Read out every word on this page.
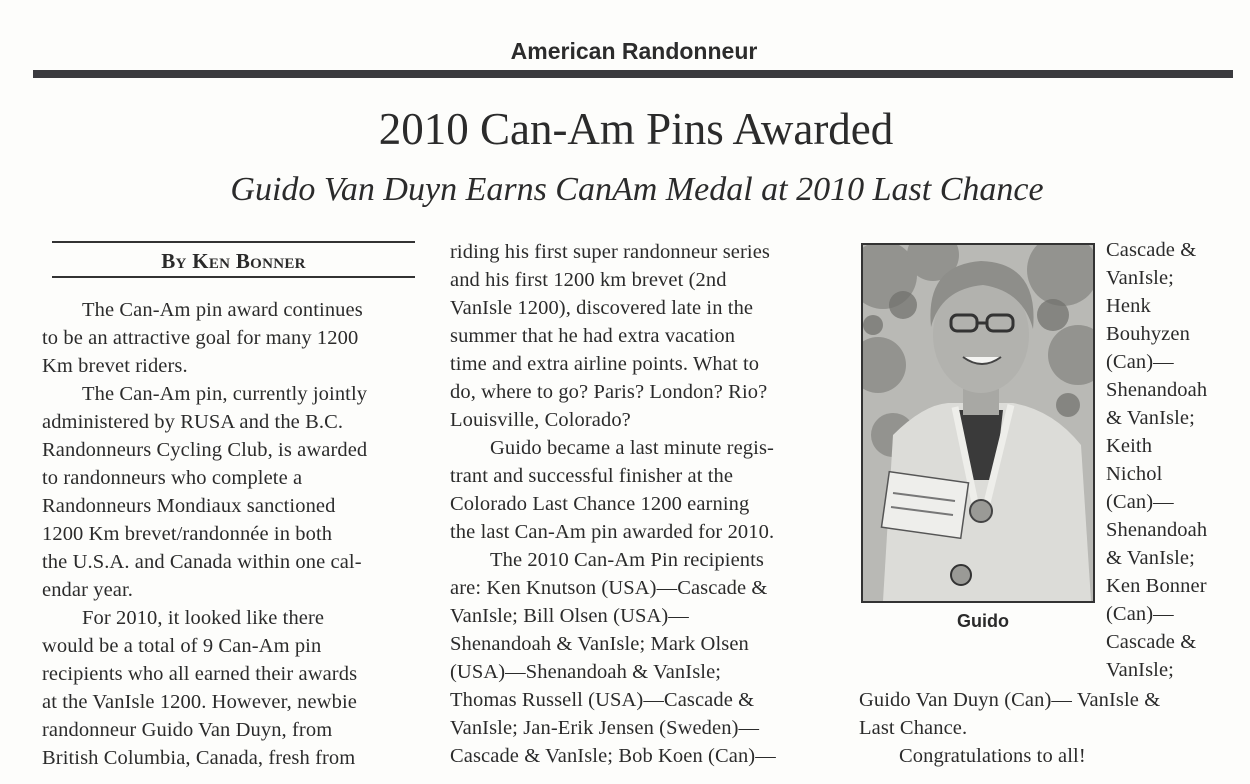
American Randonneur
2010 Can-Am Pins Awarded
Guido Van Duyn Earns CanAm Medal at 2010 Last Chance
By Ken Bonner

The Can-Am pin award continues

to be an attractive goal for many 1200

Km brevet riders.

The Can-Am pin, currently jointly

administered by RUSA and the B.C.

Randonneurs Cycling Club, is awarded

to randonneurs who complete a

Randonneurs Mondiaux sanctioned

1200 Km brevet/randonnée in both

the U.S.A. and Canada within one cal-

endar year.

For 2010, it looked like there

would be a total of 9 Can-Am pin

recipients who all earned their awards

at the VanIsle 1200. However, newbie

randonneur Guido Van Duyn, from

British Columbia, Canada, fresh from

riding his first super randonneur series

and his first 1200 km brevet (2nd

VanIsle 1200), discovered late in the

summer that he had extra vacation

time and extra airline points. What to

do, where to go? Paris? London? Rio?

Louisville, Colorado?

Guido became a last minute regis-

trant and successful finisher at the

Colorado Last Chance 1200 earning

the last Can-Am pin awarded for 2010.

The 2010 Can-Am Pin recipients

are: Ken Knutson (USA)—Cascade &

VanIsle; Bill Olsen (USA)—

Shenandoah & VanIsle; Mark Olsen

(USA)—Shenandoah & VanIsle;

Thomas Russell (USA)—Cascade &

VanIsle; Jan-Erik Jensen (Sweden)—

Cascade & VanIsle; Bob Koen (Can)—

Guido

Cascade &

VanIsle;

Henk

Bouhyzen

(Can)—

Shenandoah

& VanIsle;

Keith

Nichol

(Can)—

Shenandoah

& VanIsle;

Ken Bonner

(Can)—

Cascade &

VanIsle;

Guido Van Duyn (Can)— VanIsle &

Last Chance.

Congratulations to all!
